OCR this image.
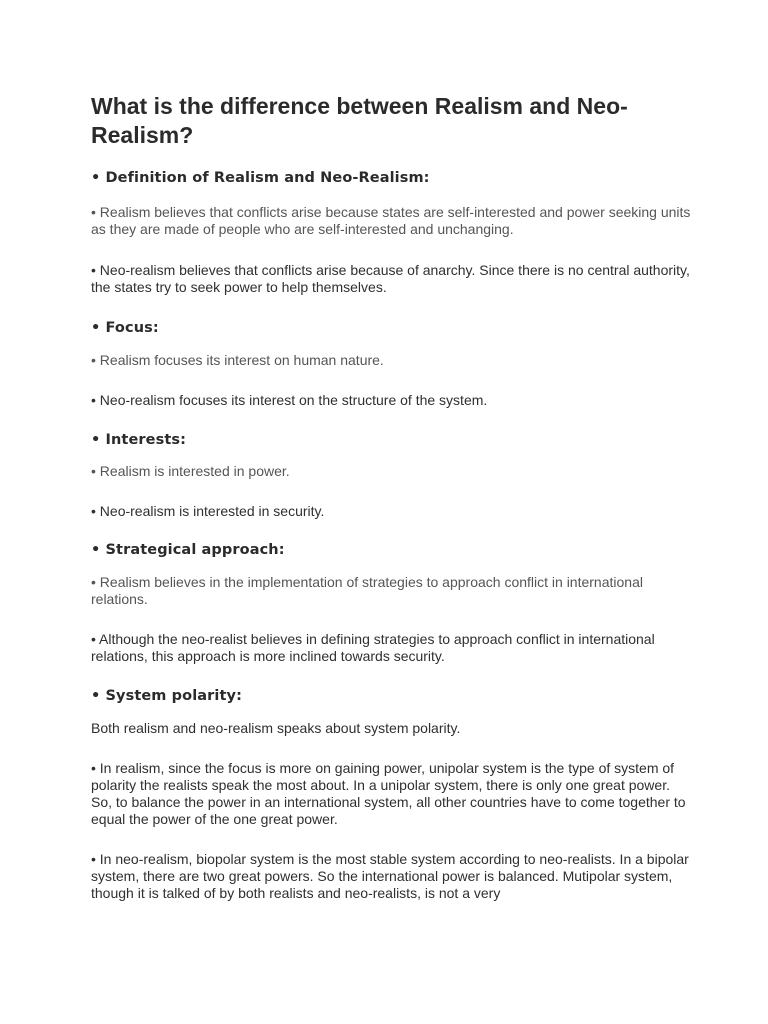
What is the difference between Realism and Neo-Realism?
• Definition of Realism and Neo-Realism:

• Realism believes that conflicts arise because states are self-interested and power seeking units as they are made of people who are self-interested and unchanging.

• Neo-realism believes that conflicts arise because of anarchy. Since there is no central authority, the states try to seek power to help themselves.

• Focus:

• Realism focuses its interest on human nature.

• Neo-realism focuses its interest on the structure of the system.

• Interests:

• Realism is interested in power.

• Neo-realism is interested in security.

• Strategical approach:

• Realism believes in the implementation of strategies to approach conflict in international relations.

• Although the neo-realist believes in defining strategies to approach conflict in international relations, this approach is more inclined towards security.

• System polarity:

Both realism and neo-realism speaks about system polarity.

• In realism, since the focus is more on gaining power, unipolar system is the type of system of polarity the realists speak the most about. In a unipolar system, there is only one great power. So, to balance the power in an international system, all other countries have to come together to equal the power of the one great power.

• In neo-realism, biopolar system is the most stable system according to neo-realists. In a bipolar system, there are two great powers. So the international power is balanced. Mutipolar system, though it is talked of by both realists and neo-realists, is not a very
